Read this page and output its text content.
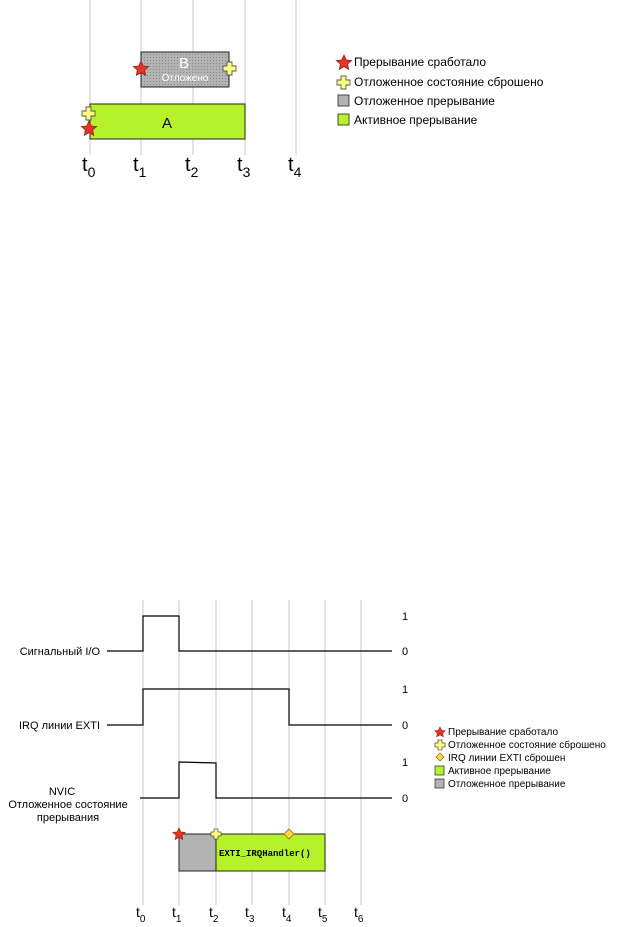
B
Отложено
A
$t_0$ $t_1$ $t_2$ $t_3$ $t_4$
Прерывание сработало
Отложенное состояние сброшено
Отложенное прерывание
Активное прерывание
Сигнальный I/O
1
0
IRQ линии EXTI
1
0
NVIC
Отложенное состояние
прерывания
1
0
EXTI_IRQHandler()
$t_0$ $t_1$ $t_2$ $t_3$ $t_4$ $t_5$ $t_6$
Прерывание сработало
Отложенное состояние сброшено
IRQ линии EXTI сброшен
Активное прерывание
Отложенное прерывание
